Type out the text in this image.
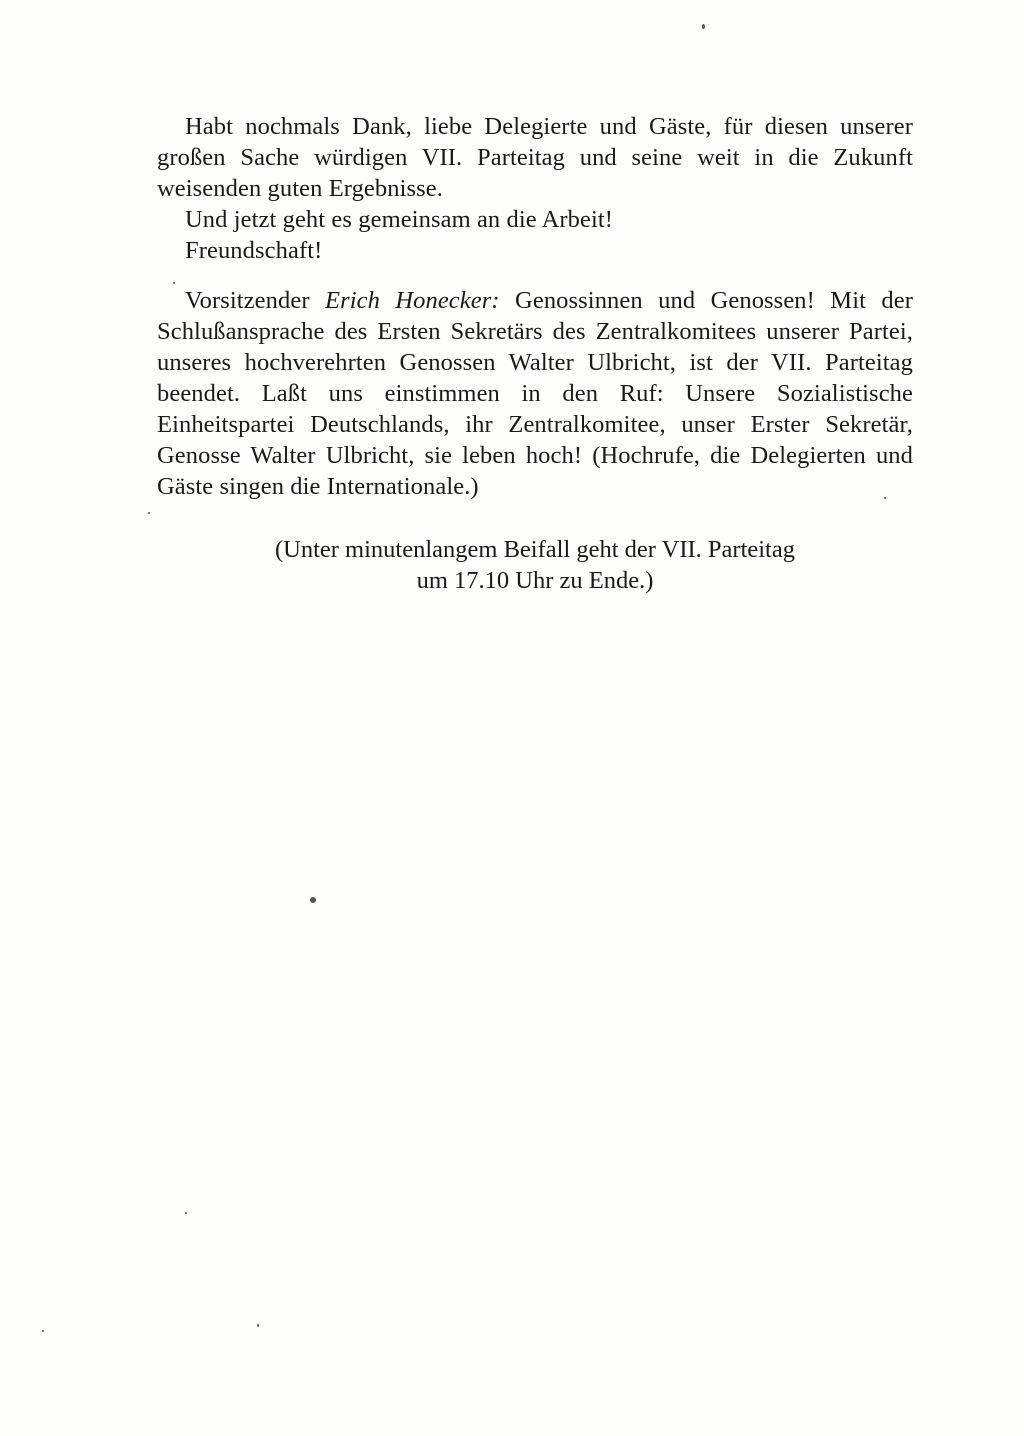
Habt nochmals Dank, liebe Delegierte und Gäste, für diesen unserer großen Sache würdigen VII. Parteitag und seine weit in die Zukunft weisenden guten Ergebnisse.

Und jetzt geht es gemeinsam an die Arbeit!

Freundschaft!

Vorsitzender Erich Honecker: Genossinnen und Genossen! Mit der Schlußansprache des Ersten Sekretärs des Zentralkomitees unserer Partei, unseres hochverehrten Genossen Walter Ulbricht, ist der VII. Parteitag beendet. Laßt uns einstimmen in den Ruf: Unsere Sozialistische Einheitspartei Deutschlands, ihr Zentralkomitee, unser Erster Sekretär, Genosse Walter Ulbricht, sie leben hoch! (Hochrufe, die Delegierten und Gäste singen die Internationale.)

(Unter minutenlangem Beifall geht der VII. Parteitag
um 17.10 Uhr zu Ende.)
